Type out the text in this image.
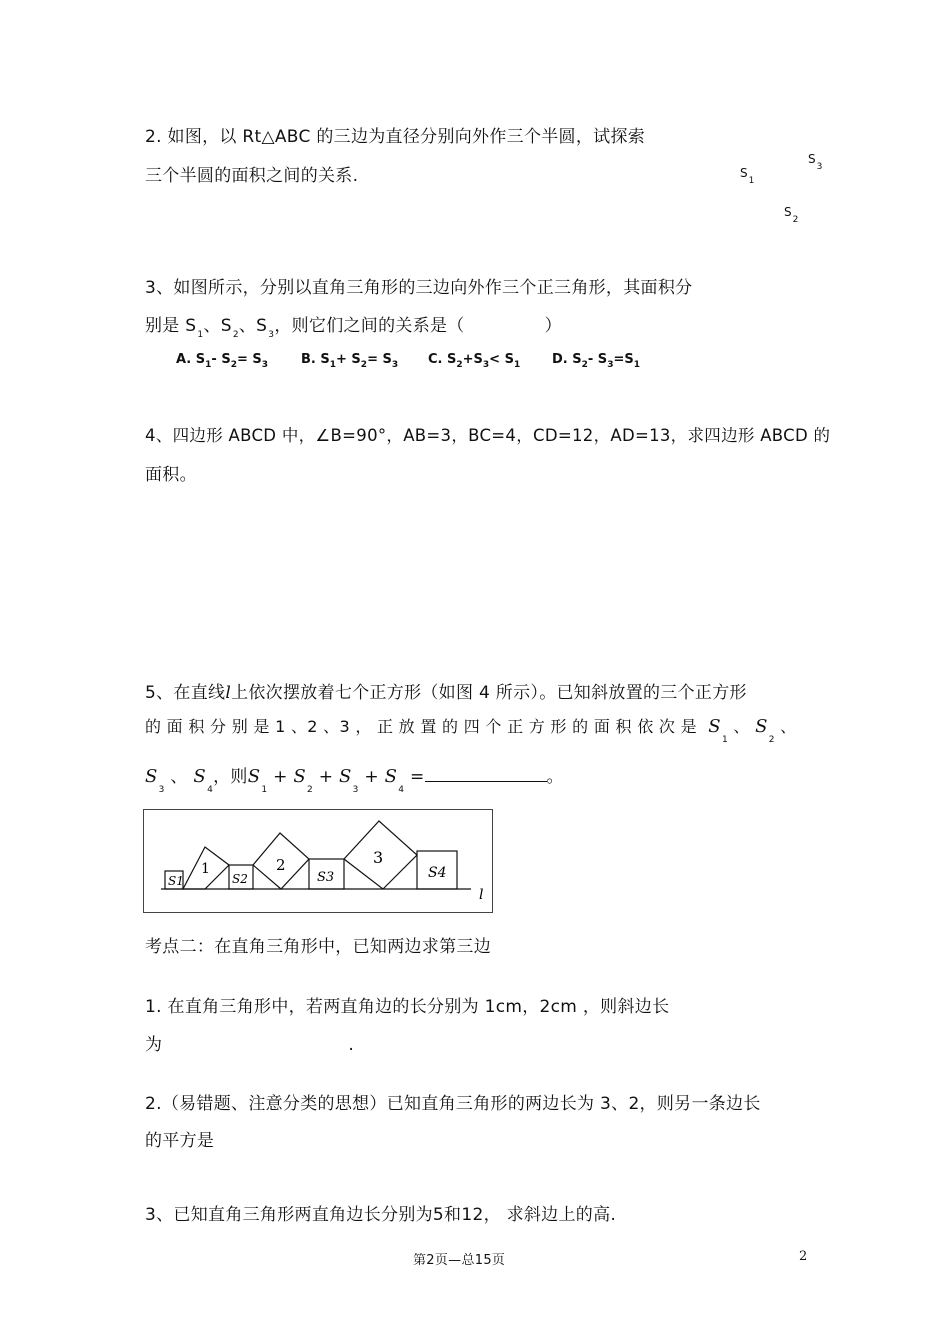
2. 如图，以 Rt△ABC 的三边为直径分别向外作三个半圆，试探索
三个半圆的面积之间的关系.	$S_1$
$S_3$
$S_2$
3、如图所示，分别以直角三角形的三边向外作三个正三角形，其面积分
别是 $S_1$、$S_2$、$S_3$，则它们之间的关系是（	）
A. $S_1-$ $S_2= S_3$	B. $S_1+ S_2= S_3$ C. $S_2+S_3< S_1$ D. $S_2-$ $S_3=S_1$
4、四边形 ABCD 中，∠B=90°，AB=3，BC=4，CD=12，AD=13，求四边形 ABCD 的
面积。
5、在直线l上依次摆放着七个正方形（如图 4 所示）。已知斜放置的三个正方形
的 面 积 分 别 是 1 、2 、3 ， 正 放 置 的 四 个 正 方 形 的 面 积 依 次 是 $S_1$ 、 $S_2$ 、
$S_3$ 、 $S_4$，则$S_1 + S_2 + S_3 + S_4$ =	。
S1
1
S2
2
S3
3
S4
l
考点二：在直角三角形中，已知两边求第三边
1. 在直角三角形中，若两直角边的长分别为 1cm，2cm ，则斜边长
为	.
2.（易错题、注意分类的思想）已知直角三角形的两边长为 3、2，则另一条边长
的平方是
3、已知直角三角形两直角边长分别为5和12， 求斜边上的高.
第2页—总15页	2
